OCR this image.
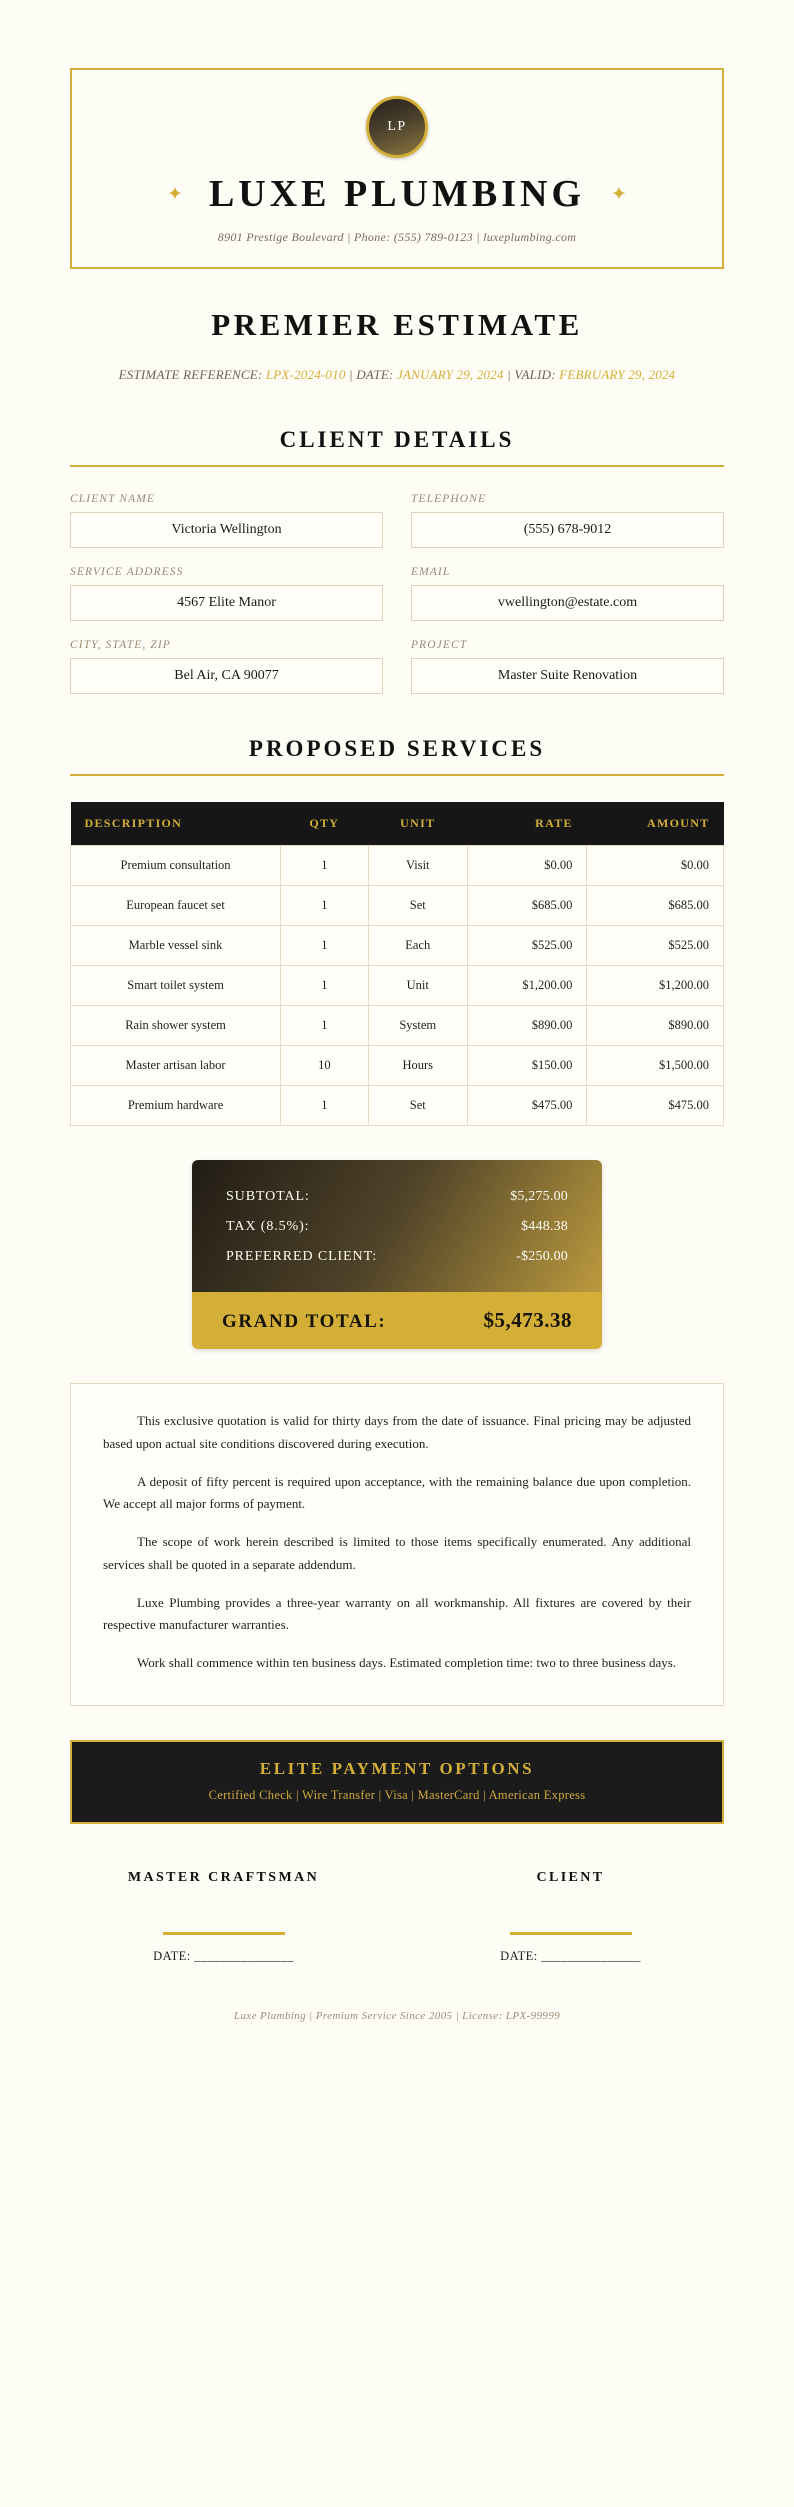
LP
✦ LUXE PLUMBING ✦
8901 Prestige Boulevard | Phone: (555) 789-0123 | luxeplumbing.com
PREMIER ESTIMATE
ESTIMATE REFERENCE: LPX-2024-010 | DATE: JANUARY 29, 2024 | VALID: FEBRUARY 29, 2024
CLIENT DETAILS
CLIENT NAME
Victoria Wellington
TELEPHONE
(555) 678-9012
SERVICE ADDRESS
4567 Elite Manor
EMAIL
vwellington@estate.com
CITY, STATE, ZIP
Bel Air, CA 90077
PROJECT
Master Suite Renovation
PROPOSED SERVICES
DESCRIPTION	QTY	UNIT	RATE	AMOUNT
Premium consultation	1	Visit	$0.00	$0.00
European faucet set	1	Set	$685.00	$685.00
Marble vessel sink	1	Each	$525.00	$525.00
Smart toilet system	1	Unit	$1,200.00	$1,200.00
Rain shower system	1	System	$890.00	$890.00
Master artisan labor	10	Hours	$150.00	$1,500.00
Premium hardware	1	Set	$475.00	$475.00
SUBTOTAL:	$5,275.00
TAX (8.5%):	$448.38
PREFERRED CLIENT:	-$250.00
GRAND TOTAL:	$5,473.38

This exclusive quotation is valid for thirty days from the date of issuance. Final pricing may be adjusted based upon actual site conditions discovered during execution.

A deposit of fifty percent is required upon acceptance, with the remaining balance due upon completion. We accept all major forms of payment.

The scope of work herein described is limited to those items specifically enumerated. Any additional services shall be quoted in a separate addendum.

Luxe Plumbing provides a three-year warranty on all workmanship. All fixtures are covered by their respective manufacturer warranties.

Work shall commence within ten business days. Estimated completion time: two to three business days.

ELITE PAYMENT OPTIONS
Certified Check | Wire Transfer | Visa | MasterCard | American Express
MASTER CRAFTSMAN
DATE: _______________
CLIENT
DATE: _______________
Luxe Plumbing | Premium Service Since 2005 | License: LPX-99999
